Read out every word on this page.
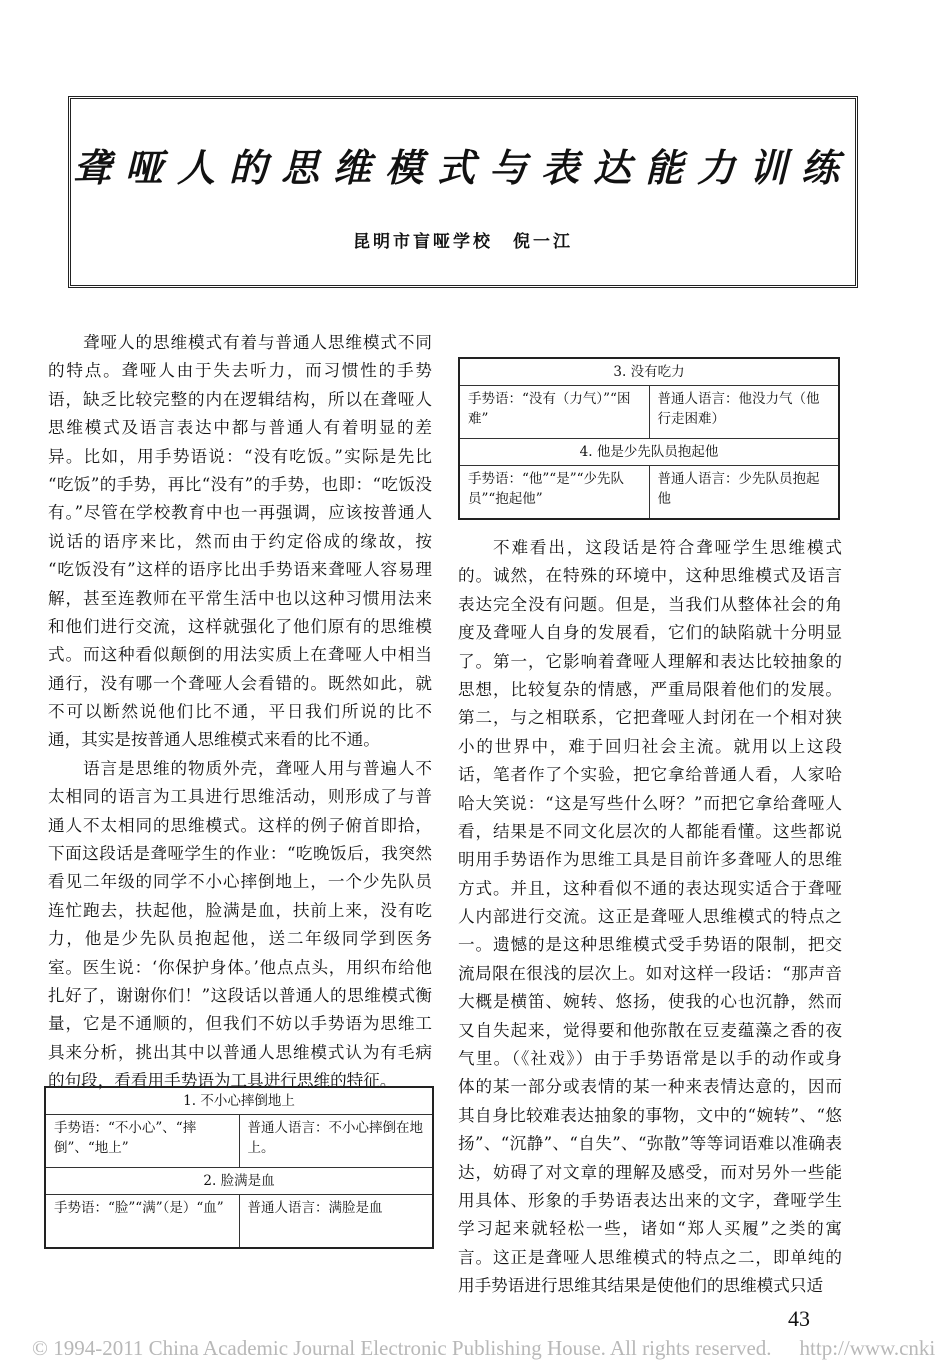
聋哑人的思维模式与表达能力训练
昆明市盲哑学校 倪一江
聋哑人的思维模式有着与普通人思维模式不同
的特点。聋哑人由于失去听力，而习惯性的手势
语，缺乏比较完整的内在逻辑结构，所以在聋哑人
思维模式及语言表达中都与普通人有着明显的差
异。比如，用手势语说：“没有吃饭。”实际是先比
“吃饭”的手势，再比“没有”的手势，也即：“吃饭没
有。”尽管在学校教育中也一再强调，应该按普通人
说话的语序来比，然而由于约定俗成的缘故，按
“吃饭没有”这样的语序比出手势语来聋哑人容易理
解，甚至连教师在平常生活中也以这种习惯用法来
和他们进行交流，这样就强化了他们原有的思维模
式。而这种看似颠倒的用法实质上在聋哑人中相当
通行，没有哪一个聋哑人会看错的。既然如此，就
不可以断然说他们比不通，平日我们所说的比不
通，其实是按普通人思维模式来看的比不通。
语言是思维的物质外壳，聋哑人用与普遍人不
太相同的语言为工具进行思维活动，则形成了与普
通人不太相同的思维模式。这样的例子俯首即拾，
下面这段话是聋哑学生的作业：“吃晚饭后，我突然
看见二年级的同学不小心摔倒地上，一个少先队员
连忙跑去，扶起他，脸满是血，扶前上来，没有吃
力，他是少先队员抱起他，送二年级同学到医务
室。医生说：‘你保护身体。’他点点头，用织布给他
扎好了，谢谢你们！”这段话以普通人的思维模式衡
量，它是不通顺的，但我们不妨以手势语为思维工
具来分析，挑出其中以普通人思维模式认为有毛病
的句段，看看用手势语为工具进行思维的特征。
不难看出，这段话是符合聋哑学生思维模式
的。诚然，在特殊的环境中，这种思维模式及语言
表达完全没有问题。但是，当我们从整体社会的角
度及聋哑人自身的发展看，它们的缺陷就十分明显
了。第一，它影响着聋哑人理解和表达比较抽象的
思想，比较复杂的情感，严重局限着他们的发展。
第二，与之相联系，它把聋哑人封闭在一个相对狭
小的世界中，难于回归社会主流。就用以上这段
话，笔者作了个实验，把它拿给普通人看，人家哈
哈大笑说：“这是写些什么呀？”而把它拿给聋哑人
看，结果是不同文化层次的人都能看懂。这些都说
明用手势语作为思维工具是目前许多聋哑人的思维
方式。并且，这种看似不通的表达现实适合于聋哑
人内部进行交流。这正是聋哑人思维模式的特点之
一。遗憾的是这种思维模式受手势语的限制，把交
流局限在很浅的层次上。如对这样一段话：“那声音
大概是横笛、婉转、悠扬，使我的心也沉静，然而
又自失起来，觉得要和他弥散在豆麦蕴藻之香的夜
气里。（《社戏》）由于手势语常是以手的动作或身
体的某一部分或表情的某一种来表情达意的，因而
其自身比较难表达抽象的事物，文中的“婉转”、“悠
扬”、“沉静”、“自失”、“弥散”等等词语难以准确表
达，妨碍了对文章的理解及感受，而对另外一些能
用具体、形象的手势语表达出来的文字，聋哑学生
学习起来就轻松一些，诸如“郑人买履”之类的寓
言。这正是聋哑人思维模式的特点之二，即单纯的
用手势语进行思维其结果是使他们的思维模式只适
1. 不小心摔倒地上	
手势语：“不小心”、“摔倒”、“地上”	普通人语言：不小心摔倒在地上。
2. 脸满是血	
手势语：“脸”“满”（是）“血”	普通人语言：满脸是血
3. 没有吃力	
手势语：“没有（力气）”“困难”	普通人语言：他没力气（他行走困难）
4. 他是少先队员抱起他	
手势语：“他”“是”“少先队员”“抱起他”	普通人语言：少先队员抱起他
43
© 1994-2011 China Academic Journal Electronic Publishing House. All rights reserved. http://www.cnki
